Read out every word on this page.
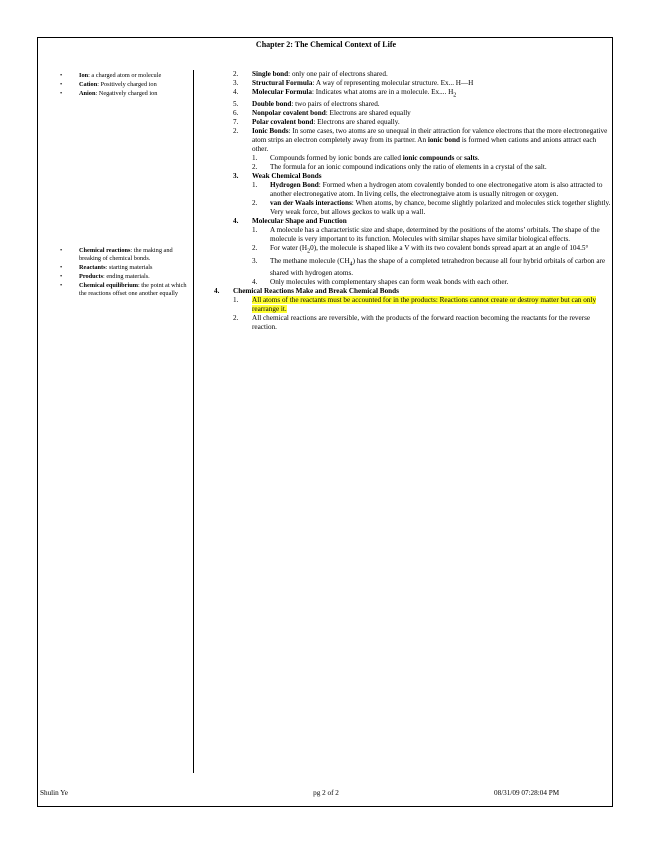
Chapter 2: The Chemical Context of Life
• Ion: a charged atom or molecule
• Cation: Positively charged ion
• Anion: Negatively charged ion
• Chemical reactions: the making and breaking of chemical bonds.
• Reactants: starting materials
• Products: ending materials.
• Chemical equilibrium: the point at which the reactions offset one another equally
2. Single bond: only one pair of electrons shared.
3. Structural Formula: A way of representing molecular structure. Ex... H—H
4. Molecular Formula: Indicates what atoms are in a molecule. Ex.... $H_2$
5. Double bond: two pairs of electrons shared.
6. Nonpolar covalent bond: Electrons are shared equally
7. Polar covalent bond: Electrons are shared equally.
2. Ionic Bonds: In some cases, two atoms are so unequal in their attraction for valence electrons that the more electronegative atom strips an electron completely away from its partner. An ionic bond is formed when cations and anions attract each other.
1. Compounds formed by ionic bonds are called ionic compounds or salts.
2. The formula for an ionic compound indications only the ratio of elements in a crystal of the salt.
3. Weak Chemical Bonds
1. Hydrogen Bond: Formed when a hydrogen atom covalently bonded to one electronegative atom is also attracted to another electronegative atom. In living cells, the electronegtaive atom is usually nitrogen or oxygen.
2. van der Waals interactions: When atoms, by chance, become slightly polarized and molecules stick together slightly. Very weak force, but allows geckos to walk up a wall.
4. Molecular Shape and Function
1. A molecule has a characteristic size and shape, determined by the positions of the atoms’ orbitals. The shape of the molecule is very important to its function. Molecules with similar shapes have similar biological effects.
2. For water $(H_20)$, the molecule is shaped like a V with its two covalent bonds spread apart at an angle of 104.5°
3. The methane molecule $(CH_4)$ has the shape of a completed tetrahedron because all four hybrid orbitals of carbon are shared with hydrogen atoms.
4. Only molecules with complementary shapes can form weak bonds with each other.
4. Chemical Reactions Make and Break Chemical Bonds
1. All atoms of the reactants must be accounted for in the products: Reactions cannot create or destroy matter but can only rearrange it.
2. All chemical reactions are reversible, with the products of the forward reaction becoming the reactants for the reverse reaction.
Shulin Ye	pg 2 of 2	08/31/09 07:28:04 PM
